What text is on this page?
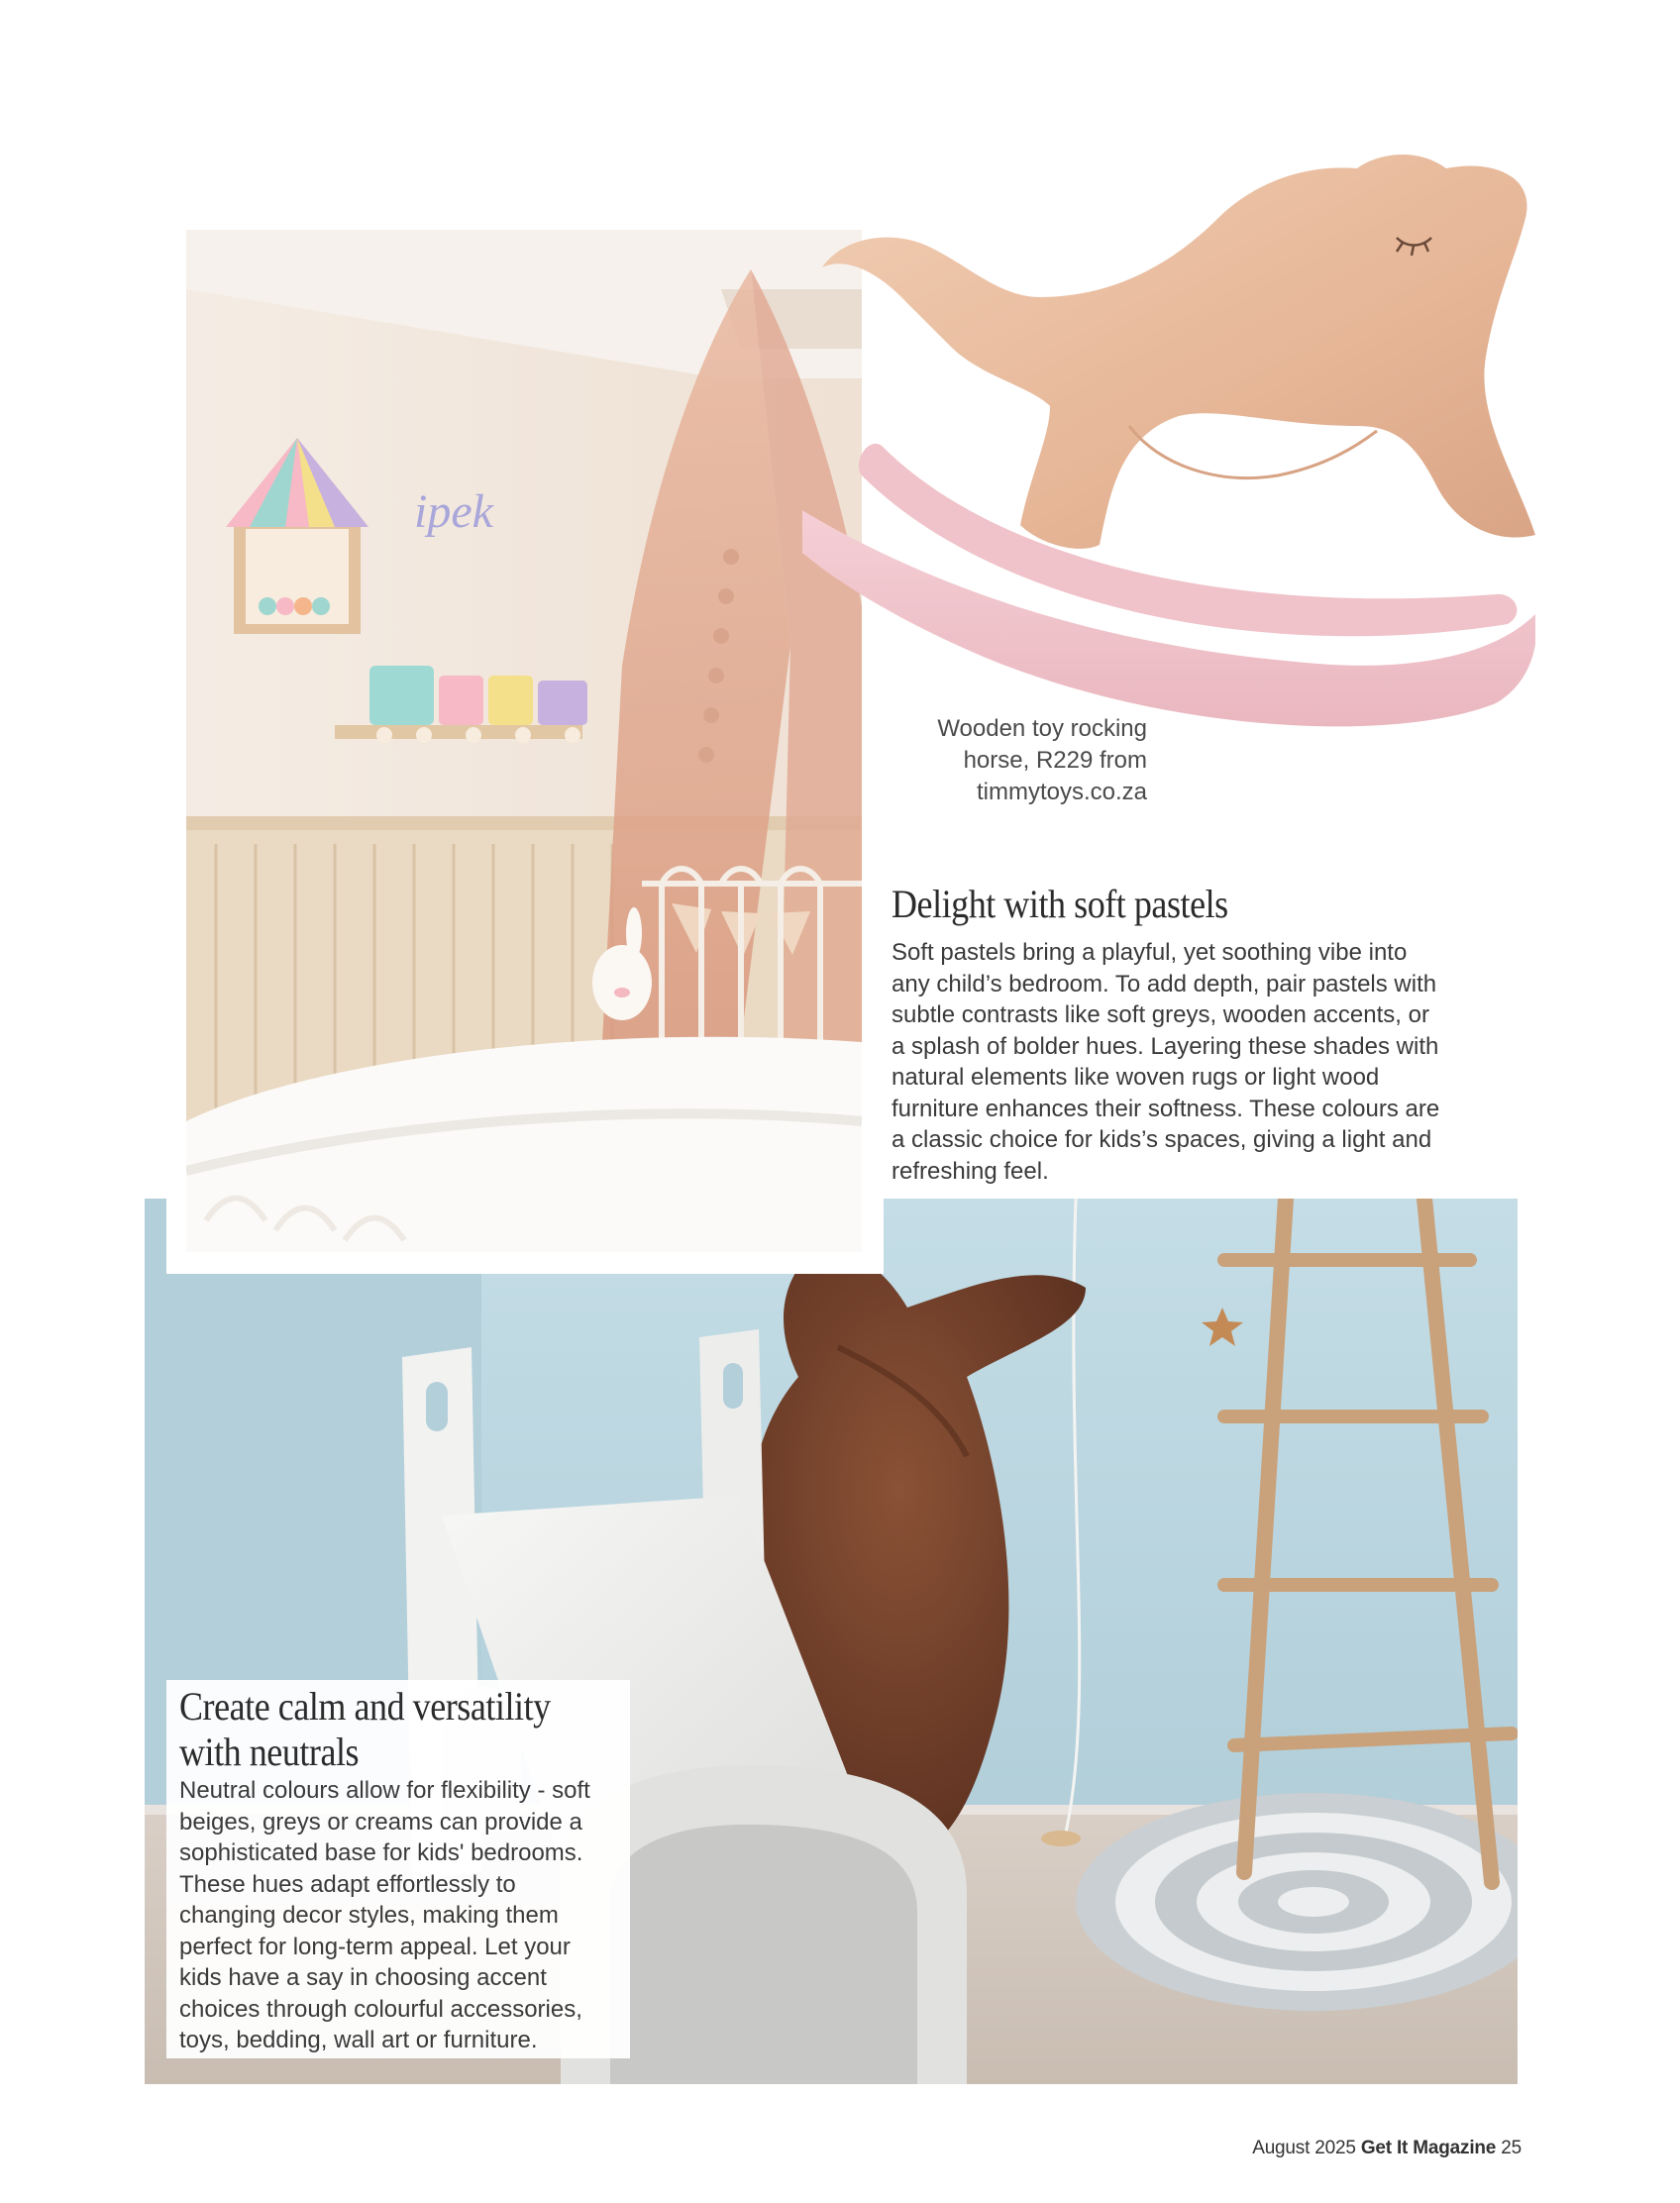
ipek
Wooden toy rocking
horse, R229 from
timmytoys.co.za
Delight with soft pastels
Soft pastels bring a playful, yet soothing vibe into
any child’s bedroom. To add depth, pair pastels with
subtle contrasts like soft greys, wooden accents, or
a splash of bolder hues. Layering these shades with
natural elements like woven rugs or light wood
furniture enhances their softness. These colours are
a classic choice for kids’s spaces, giving a light and
refreshing feel.
Create calm and versatility
with neutrals
Neutral colours allow for flexibility - soft
beiges, greys or creams can provide a
sophisticated base for kids' bedrooms.
These hues adapt effortlessly to
changing decor styles, making them
perfect for long-term appeal. Let your
kids have a say in choosing accent
choices through colourful accessories,
toys, bedding, wall art or furniture.
August 2025 Get It Magazine 25
